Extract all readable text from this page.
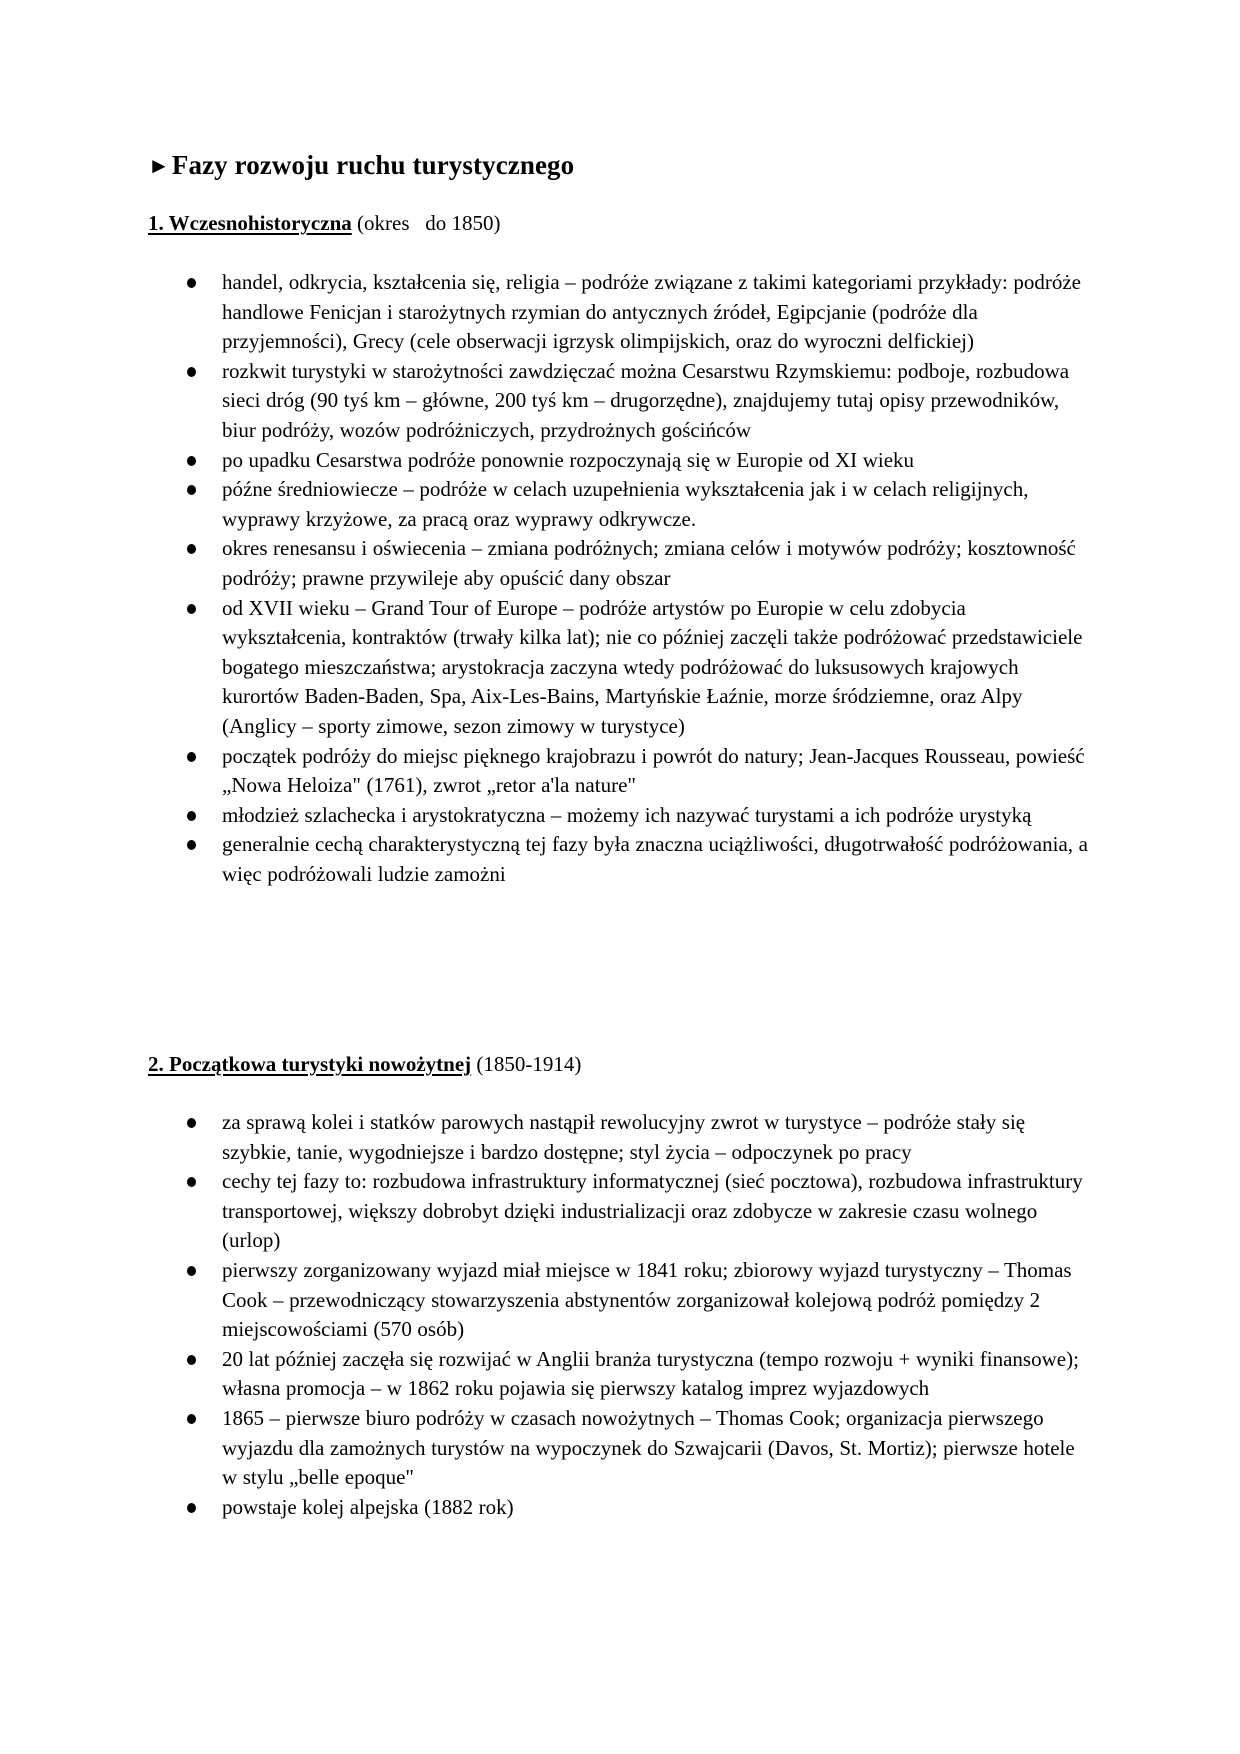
►Fazy rozwoju ruchu turystycznego
1. Wczesnohistoryczna (okres   do 1850)
handel, odkrycia, kształcenia się, religia – podróże związane z takimi kategoriami przykłady: podróże handlowe Fenicjan i starożytnych rzymian do antycznych źródeł, Egipcjanie (podróże dla przyjemności), Grecy (cele obserwacji igrzysk olimpijskich, oraz do wyroczni delfickiej)
rozkwit turystyki w starożytności zawdzięczać można Cesarstwu Rzymskiemu: podboje, rozbudowa sieci dróg (90 tyś km – główne, 200 tyś km – drugorzędne), znajdujemy tutaj opisy przewodników, biur podróży, wozów podróżniczych, przydrożnych gościńców
po upadku Cesarstwa podróże ponownie rozpoczynają się w Europie od XI wieku
późne średniowiecze – podróże w celach uzupełnienia wykształcenia jak i w celach religijnych, wyprawy krzyżowe, za pracą oraz wyprawy odkrywcze.
okres renesansu i oświecenia – zmiana podróżnych; zmiana celów i motywów podróży; kosztowność podróży; prawne przywileje aby opuścić dany obszar
od XVII wieku – Grand Tour of Europe – podróże artystów po Europie w celu zdobycia wykształcenia, kontraktów (trwały kilka lat); nie co później zaczęli także podróżować przedstawiciele bogatego mieszczaństwa; arystokracja zaczyna wtedy podróżować do luksusowych krajowych kurortów Baden-Baden, Spa, Aix-Les-Bains, Martyńskie Łaźnie, morze śródziemne, oraz Alpy (Anglicy – sporty zimowe, sezon zimowy w turystyce)
początek podróży do miejsc pięknego krajobrazu i powrót do natury; Jean-Jacques Rousseau, powieść „Nowa Heloiza" (1761), zwrot „retor a'la nature"
młodzież szlachecka i arystokratyczna – możemy ich nazywać turystami a ich podróże urystyką
generalnie cechą charakterystyczną tej fazy była znaczna uciążliwości, długotrwałość podróżowania, a więc podróżowali ludzie zamożni
2. Początkowa turystyki nowożytnej (1850-1914)
za sprawą kolei i statków parowych nastąpił rewolucyjny zwrot w turystyce – podróże stały się szybkie, tanie, wygodniejsze i bardzo dostępne; styl życia – odpoczynek po pracy
cechy tej fazy to: rozbudowa infrastruktury informatycznej (sieć pocztowa), rozbudowa infrastruktury transportowej, większy dobrobyt dzięki industrializacji oraz zdobycze w zakresie czasu wolnego (urlop)
pierwszy zorganizowany wyjazd miał miejsce w 1841 roku; zbiorowy wyjazd turystyczny – Thomas Cook – przewodniczący stowarzyszenia abstynentów zorganizował kolejową podróż pomiędzy 2 miejscowościami (570 osób)
20 lat później zaczęła się rozwijać w Anglii branża turystyczna (tempo rozwoju + wyniki finansowe); własna promocja – w 1862 roku pojawia się pierwszy katalog imprez wyjazdowych
1865 – pierwsze biuro podróży w czasach nowożytnych – Thomas Cook; organizacja pierwszego wyjazdu dla zamożnych turystów na wypoczynek do Szwajcarii (Davos, St. Mortiz); pierwsze hotele w stylu „belle epoque"
powstaje kolej alpejska (1882 rok)
